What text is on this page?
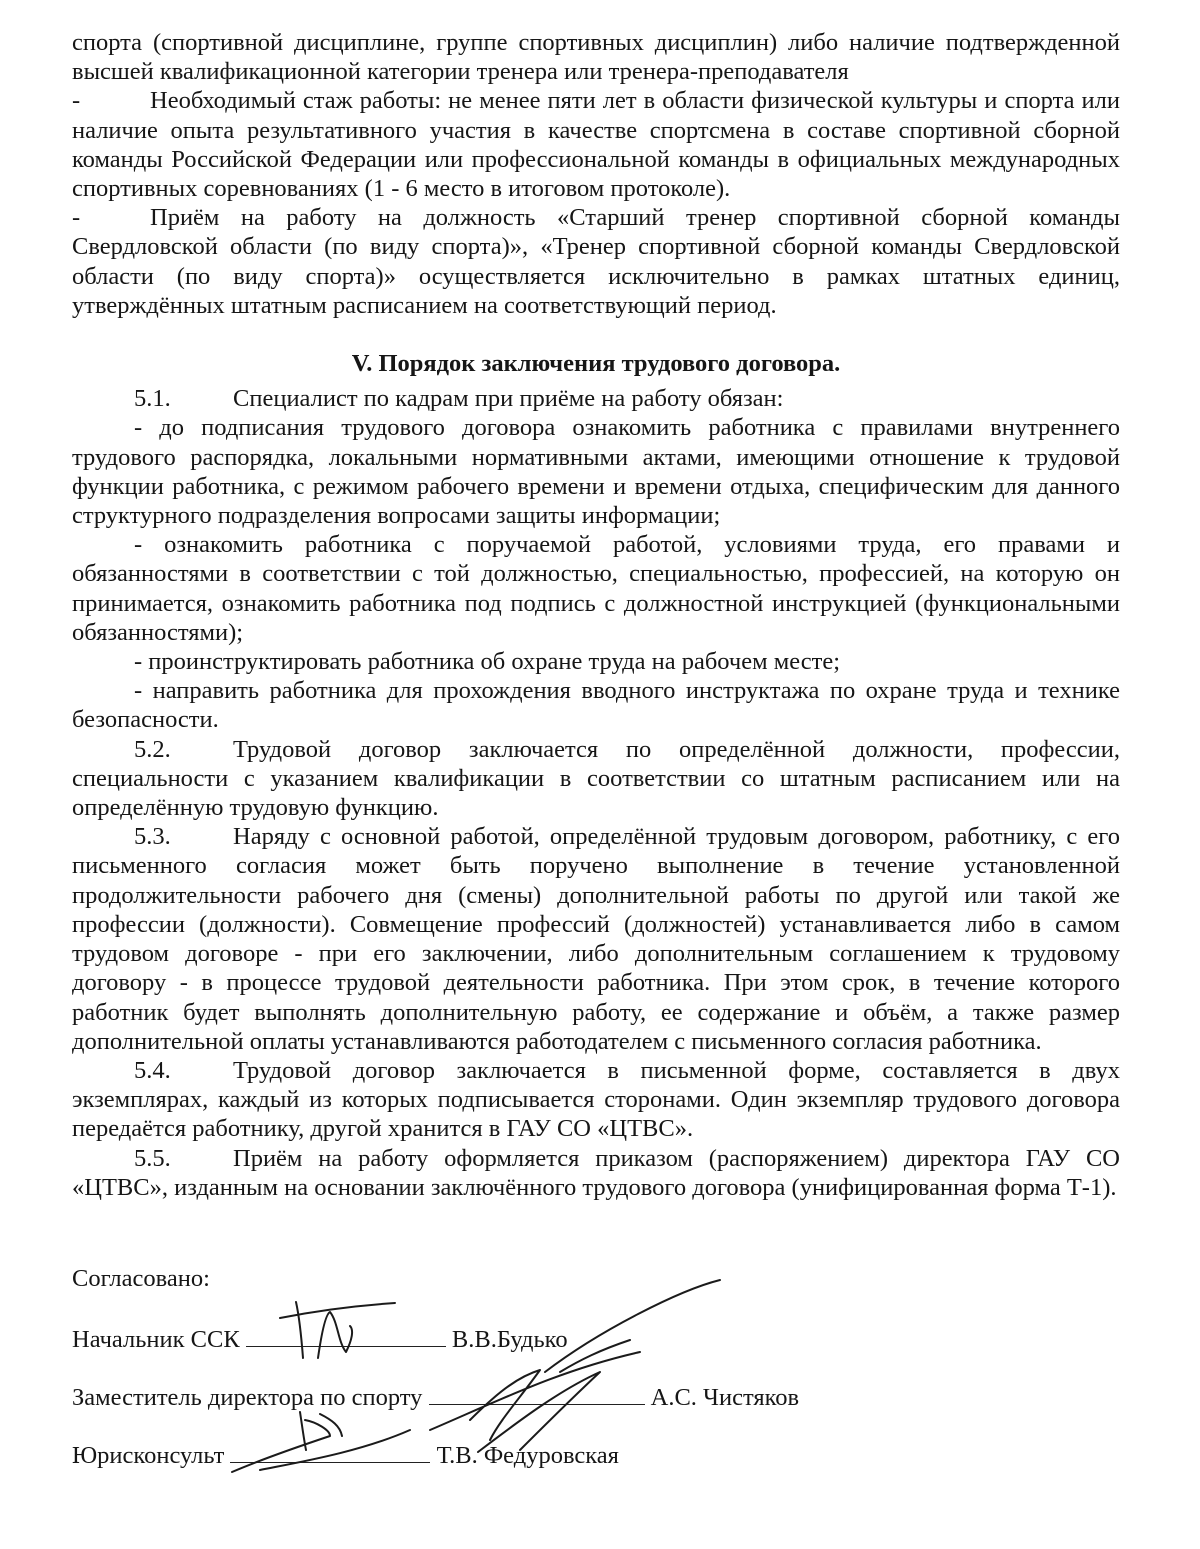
спорта (спортивной дисциплине, группе спортивных дисциплин) либо наличие подтвержденной высшей квалификационной категории тренера или тренера-преподавателя

-	Необходимый стаж работы: не менее пяти лет в области физической культуры и спорта или наличие опыта результативного участия в качестве спортсмена в составе спортивной сборной команды Российской Федерации или профессиональной команды в официальных международных спортивных соревнованиях (1 - 6 место в итоговом протоколе).

-	Приём на работу на должность «Старший тренер спортивной сборной команды Свердловской области (по виду спорта)», «Тренер спортивной сборной команды Свердловской области (по виду спорта)» осуществляется исключительно в рамках штатных единиц, утверждённых штатным расписанием на соответствующий период.

V. Порядок заключения трудового договора.

5.1.	Специалист по кадрам при приёме на работу обязан:

- до подписания трудового договора ознакомить работника с правилами внутреннего трудового распорядка, локальными нормативными актами, имеющими отношение к трудовой функции работника, с режимом рабочего времени и времени отдыха, специфическим для данного структурного подразделения вопросами защиты информации;

- ознакомить работника с поручаемой работой, условиями труда, его правами и обязанностями в соответствии с той должностью, специальностью, профессией, на которую он принимается, ознакомить работника под подпись с должностной инструкцией (функциональными обязанностями);

- проинструктировать работника об охране труда на рабочем месте;

- направить работника для прохождения вводного инструктажа по охране труда и технике безопасности.

5.2.	Трудовой договор заключается по определённой должности, профессии, специальности с указанием квалификации в соответствии со штатным расписанием или на определённую трудовую функцию.

5.3.	Наряду с основной работой, определённой трудовым договором, работнику, с его письменного согласия может быть поручено выполнение в течение установленной продолжительности рабочего дня (смены) дополнительной работы по другой или такой же профессии (должности). Совмещение профессий (должностей) устанавливается либо в самом трудовом договоре - при его заключении, либо дополнительным соглашением к трудовому договору - в процессе трудовой деятельности работника. При этом срок, в течение которого работник будет выполнять дополнительную работу, ее содержание и объём, а также размер дополнительной оплаты устанавливаются работодателем с письменного согласия работника.

5.4.	Трудовой договор заключается в письменной форме, составляется в двух экземплярах, каждый из которых подписывается сторонами. Один экземпляр трудового договора передаётся работнику, другой хранится в ГАУ СО «ЦТВС».

5.5.	Приём на работу оформляется приказом (распоряжением) директора ГАУ СО «ЦТВС», изданным на основании заключённого трудового договора (унифицированная форма Т-1).

Согласовано:
Начальник ССК	В.В.Будько
Заместитель директора по спорту	А.С. Чистяков
Юрисконсульт	Т.В. Федуровская
